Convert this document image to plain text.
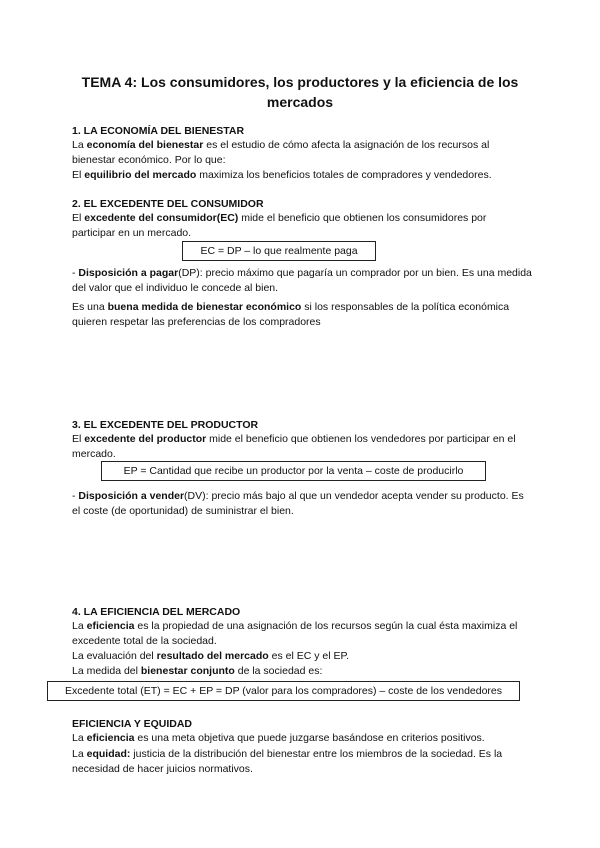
TEMA 4: Los consumidores, los productores y la eficiencia de los mercados
1. LA ECONOMÍA DEL BIENESTAR
La economía del bienestar es el estudio de cómo afecta la asignación de los recursos al bienestar económico. Por lo que:
El equilibrio del mercado maximiza los beneficios totales de compradores y vendedores.
2. EL EXCEDENTE DEL CONSUMIDOR
El excedente del consumidor(EC) mide el beneficio que obtienen los consumidores por participar en un mercado.
EC = DP – lo que realmente paga
- Disposición a pagar(DP): precio máximo que pagaría un comprador por un bien. Es una medida del valor que el individuo le concede al bien.
Es una buena medida de bienestar económico si los responsables de la política económica quieren respetar las preferencias de los compradores
3. EL EXCEDENTE DEL PRODUCTOR
El excedente del productor mide el beneficio que obtienen los vendedores por participar en el mercado.
EP = Cantidad que recibe un productor por la venta – coste de producirlo
- Disposición a vender(DV): precio más bajo al que un vendedor acepta vender su producto. Es el coste (de oportunidad) de suministrar el bien.
4. LA EFICIENCIA DEL MERCADO
La eficiencia es la propiedad de una asignación de los recursos según la cual ésta maximiza el excedente total de la sociedad.
La evaluación del resultado del mercado es el EC y el EP.
La medida del bienestar conjunto de la sociedad es:
Excedente total (ET) = EC + EP = DP (valor para los compradores) – coste de los vendedores
EFICIENCIA Y EQUIDAD
La eficiencia es una meta objetiva que puede juzgarse basándose en criterios positivos.
La equidad: justicia de la distribución del bienestar entre los miembros de la sociedad. Es la necesidad de hacer juicios normativos.
